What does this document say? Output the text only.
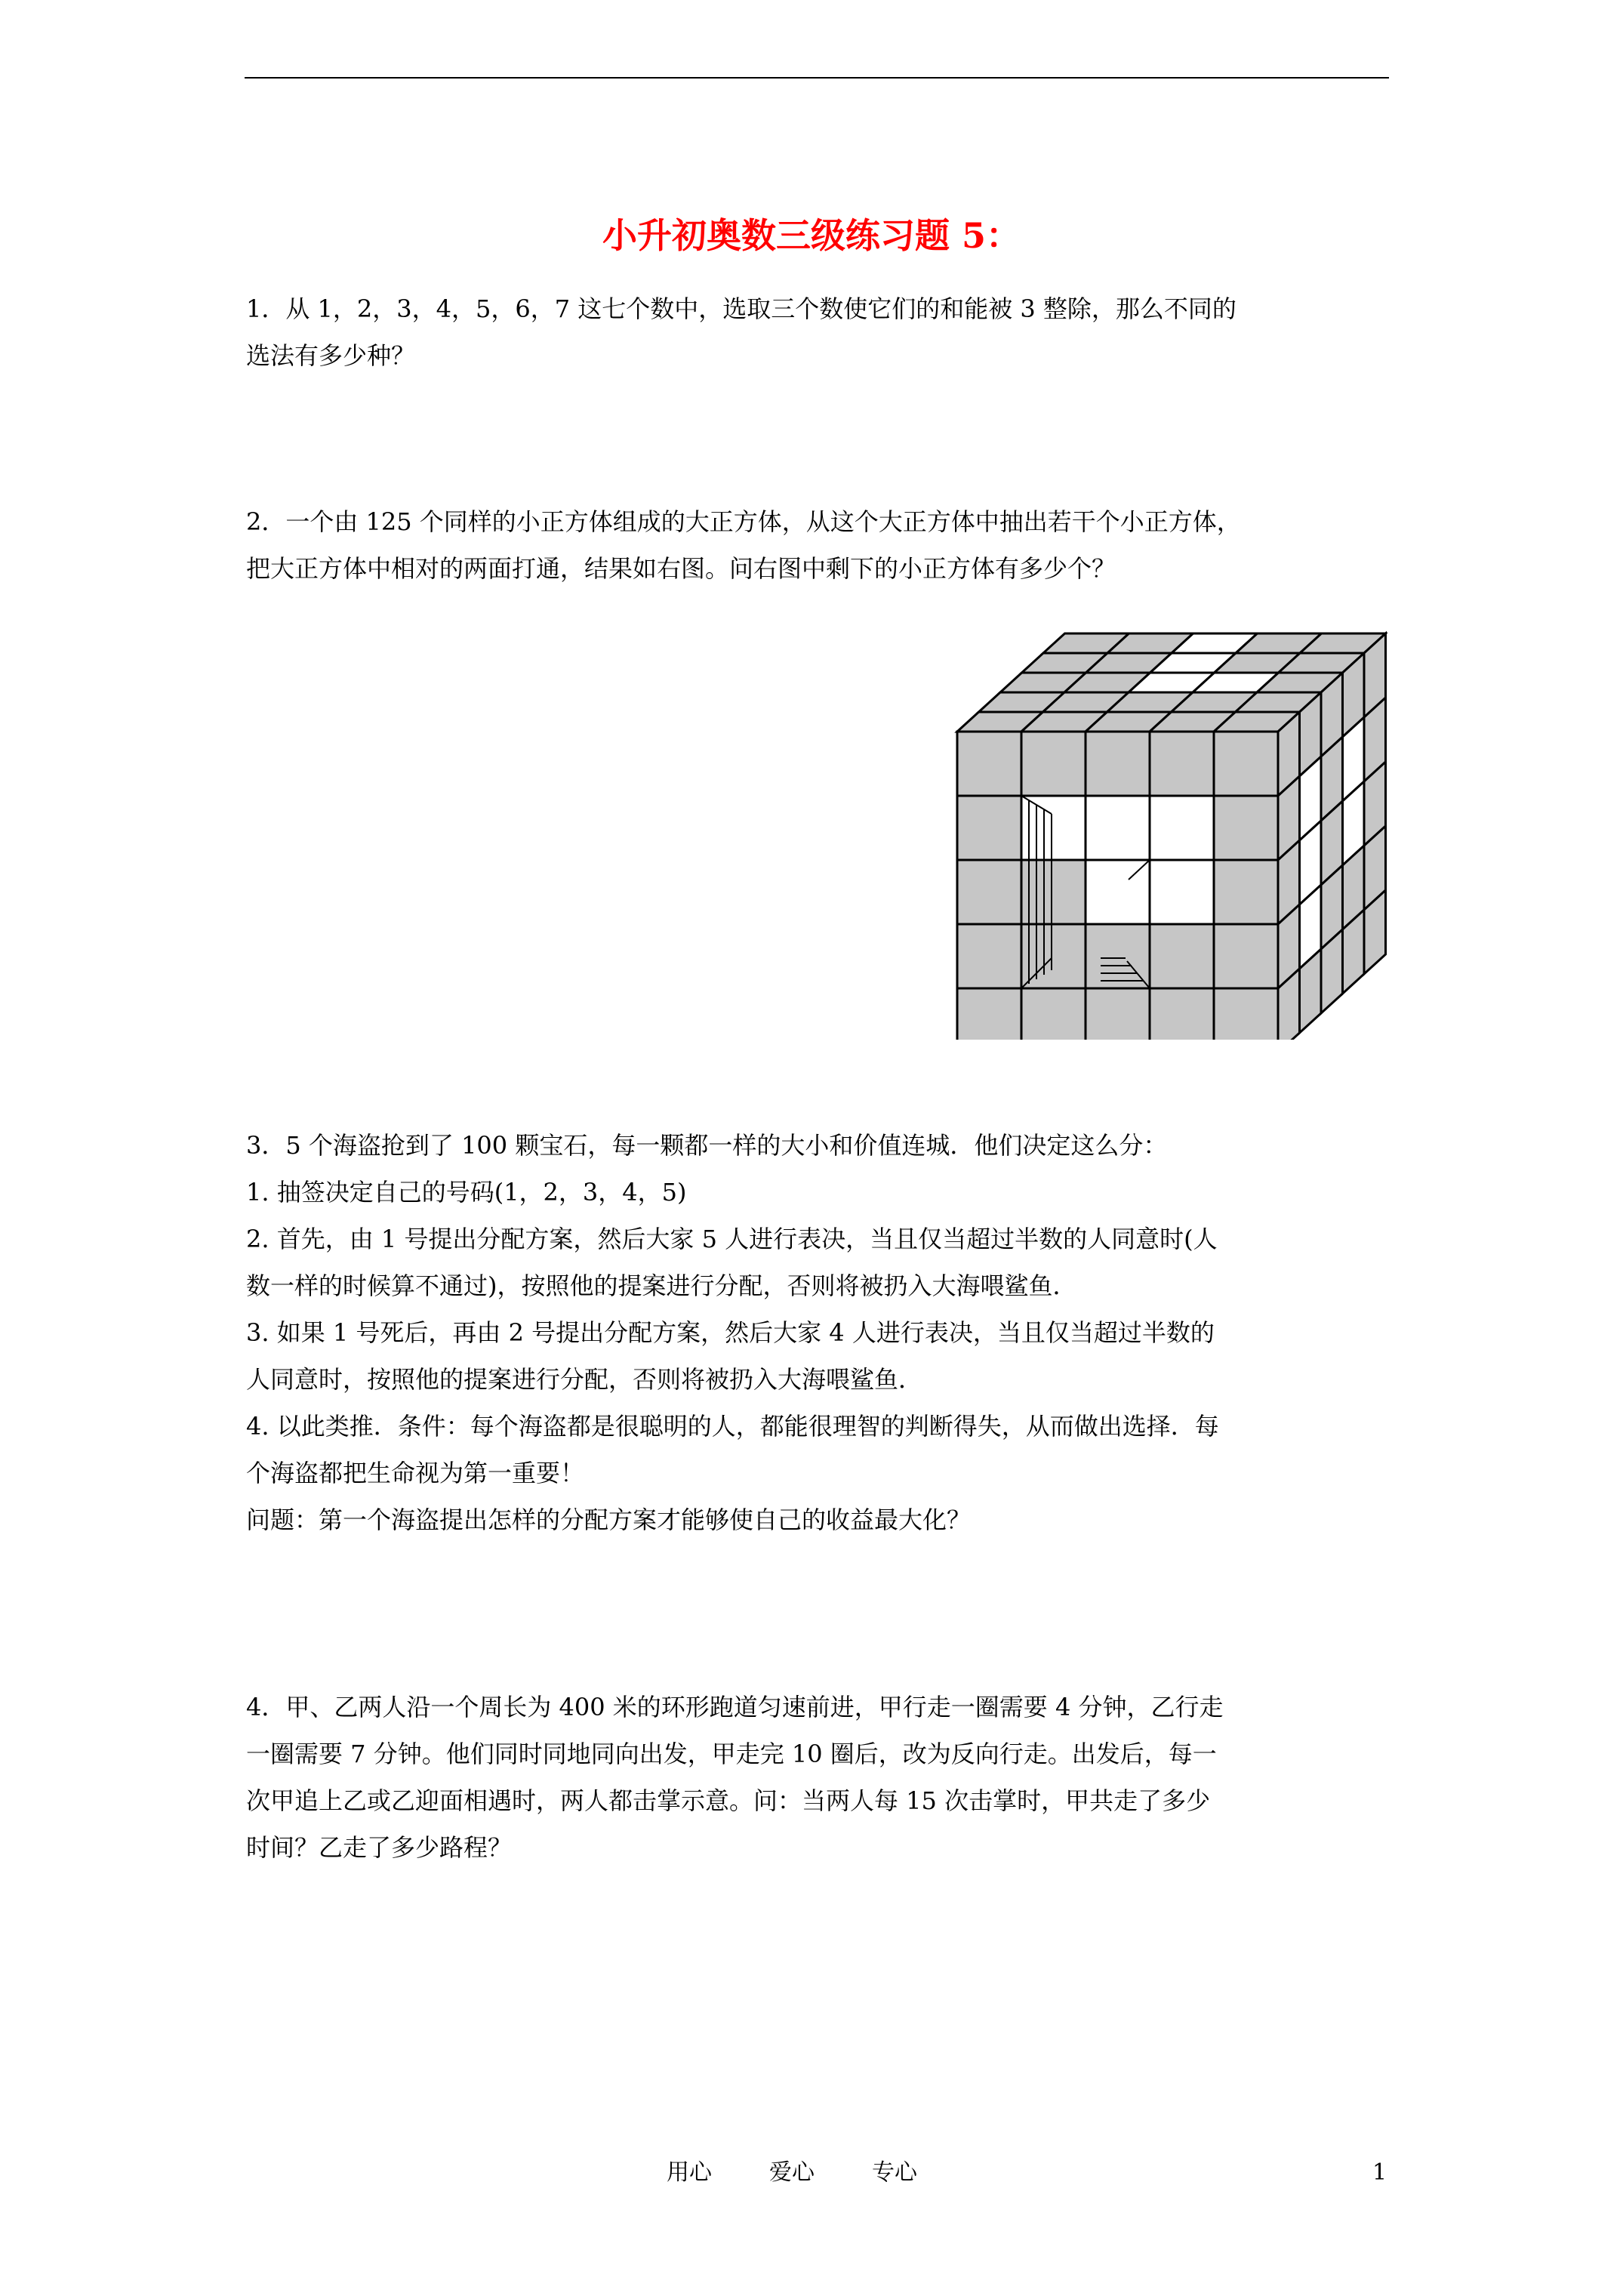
小升初奥数三级练习题 5：

1．从 1，2，3，4，5，6，7 这七个数中，选取三个数使它们的和能被 3 整除，那么不同的

选法有多少种？

2．一个由 125 个同样的小正方体组成的大正方体，从这个大正方体中抽出若干个小正方体，

把大正方体中相对的两面打通，结果如右图。问右图中剩下的小正方体有多少个？

3．5 个海盗抢到了 100 颗宝石，每一颗都一样的大小和价值连城．他们决定这么分：

1. 抽签决定自己的号码(1，2，3，4，5)

2. 首先，由 1 号提出分配方案，然后大家 5 人进行表决，当且仅当超过半数的人同意时(人

数一样的时候算不通过)，按照他的提案进行分配，否则将被扔入大海喂鲨鱼．

3. 如果 1 号死后，再由 2 号提出分配方案，然后大家 4 人进行表决，当且仅当超过半数的

人同意时，按照他的提案进行分配，否则将被扔入大海喂鲨鱼．

4. 以此类推．条件：每个海盗都是很聪明的人，都能很理智的判断得失，从而做出选择．每

个海盗都把生命视为第一重要！

问题：第一个海盗提出怎样的分配方案才能够使自己的收益最大化？

4．甲、乙两人沿一个周长为 400 米的环形跑道匀速前进，甲行走一圈需要 4 分钟，乙行走

一圈需要 7 分钟。他们同时同地同向出发，甲走完 10 圈后，改为反向行走。出发后，每一

次甲追上乙或乙迎面相遇时，两人都击掌示意。问：当两人每 15 次击掌时，甲共走了多少

时间？乙走了多少路程？

用心	爱心	专心	1
